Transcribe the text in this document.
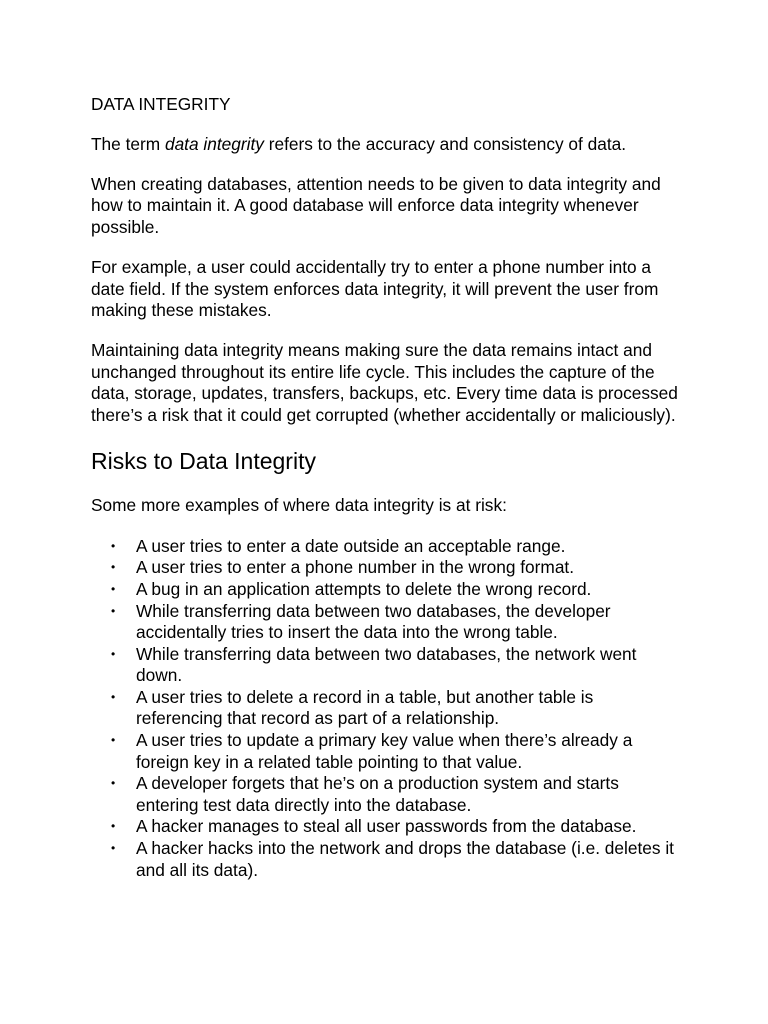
DATA INTEGRITY

The term data integrity refers to the accuracy and consistency of data.

When creating databases, attention needs to be given to data integrity and how to maintain it. A good database will enforce data integrity whenever possible.

For example, a user could accidentally try to enter a phone number into a date field. If the system enforces data integrity, it will prevent the user from making these mistakes.

Maintaining data integrity means making sure the data remains intact and unchanged throughout its entire life cycle. This includes the capture of the data, storage, updates, transfers, backups, etc. Every time data is processed there’s a risk that it could get corrupted (whether accidentally or maliciously).

Risks to Data Integrity

Some more examples of where data integrity is at risk:

• A user tries to enter a date outside an acceptable range.
• A user tries to enter a phone number in the wrong format.
• A bug in an application attempts to delete the wrong record.
• While transferring data between two databases, the developer accidentally tries to insert the data into the wrong table.
• While transferring data between two databases, the network went down.
• A user tries to delete a record in a table, but another table is referencing that record as part of a relationship.
• A user tries to update a primary key value when there’s already a foreign key in a related table pointing to that value.
• A developer forgets that he’s on a production system and starts entering test data directly into the database.
• A hacker manages to steal all user passwords from the database.
• A hacker hacks into the network and drops the database (i.e. deletes it and all its data).
